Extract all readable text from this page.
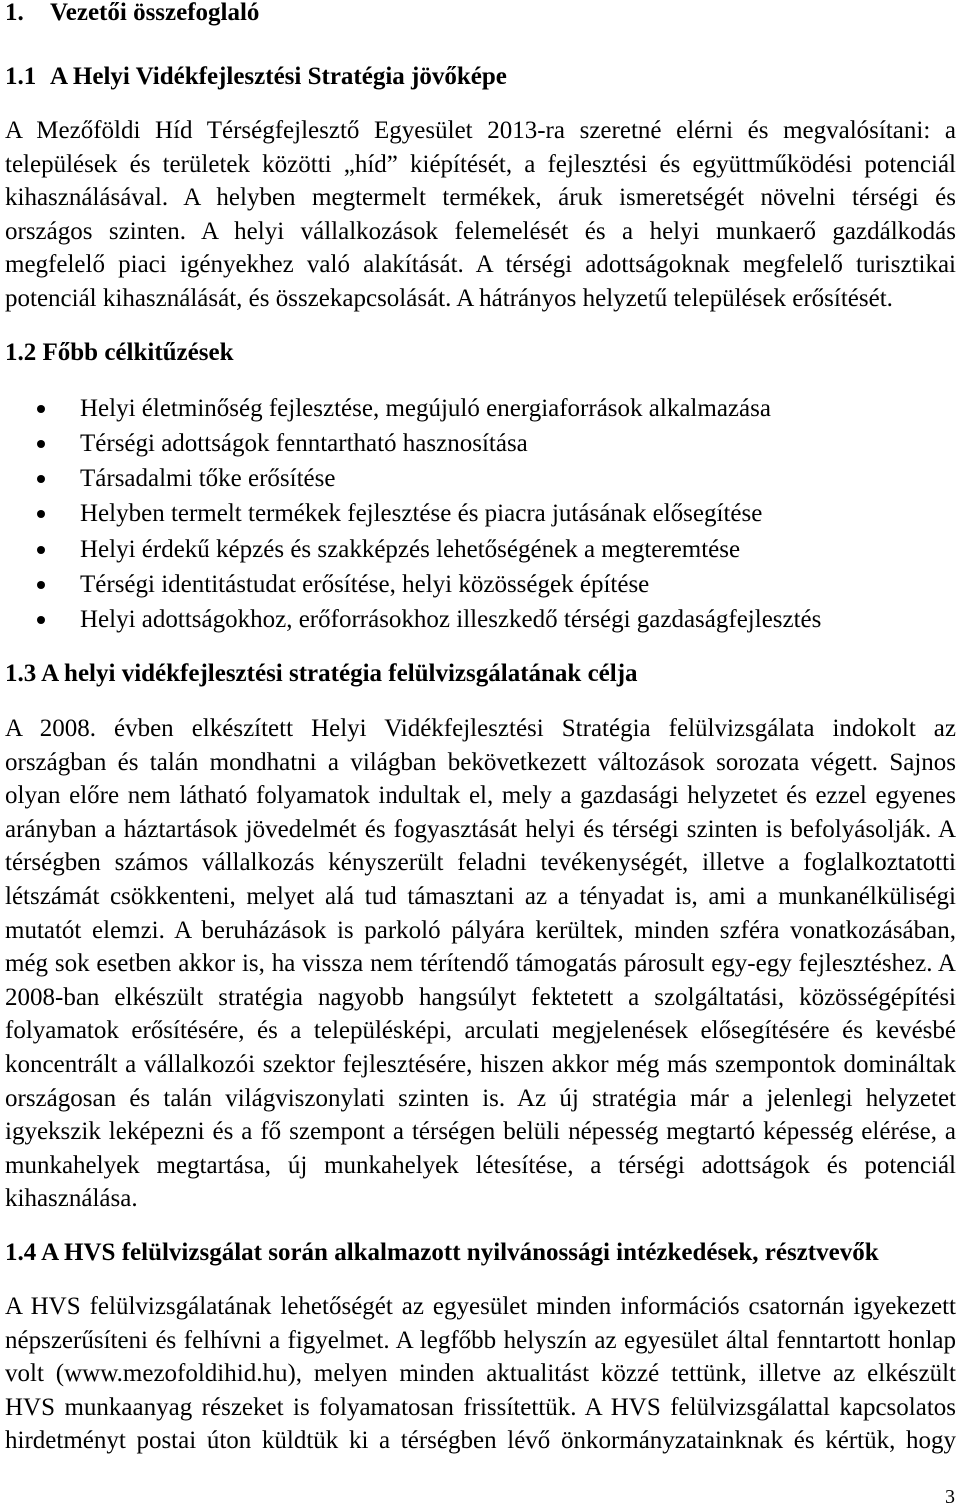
1. Vezetői összefoglaló
1.1 A Helyi Vidékfejlesztési Stratégia jövőképe
A Mezőföldi Híd Térségfejlesztő Egyesület 2013-ra szeretné elérni és megvalósítani: a
települések és területek közötti „híd” kiépítését, a fejlesztési és együttműködési potenciál
kihasználásával. A helyben megtermelt termékek, áruk ismeretségét növelni térségi és
országos szinten. A helyi vállalkozások felemelését és a helyi munkaerő gazdálkodás
megfelelő piaci igényekhez való alakítását. A térségi adottságoknak megfelelő turisztikai
potenciál kihasználását, és összekapcsolását. A hátrányos helyzetű települések erősítését.
1.2 Főbb célkitűzések
Helyi életminőség fejlesztése, megújuló energiaforrások alkalmazása
Térségi adottságok fenntartható hasznosítása
Társadalmi tőke erősítése
Helyben termelt termékek fejlesztése és piacra jutásának elősegítése
Helyi érdekű képzés és szakképzés lehetőségének a megteremtése
Térségi identitástudat erősítése, helyi közösségek építése
Helyi adottságokhoz, erőforrásokhoz illeszkedő térségi gazdaságfejlesztés
1.3 A helyi vidékfejlesztési stratégia felülvizsgálatának célja
A 2008. évben elkészített Helyi Vidékfejlesztési Stratégia felülvizsgálata indokolt az
országban és talán mondhatni a világban bekövetkezett változások sorozata végett. Sajnos
olyan előre nem látható folyamatok indultak el, mely a gazdasági helyzetet és ezzel egyenes
arányban a háztartások jövedelmét és fogyasztását helyi és térségi szinten is befolyásolják. A
térségben számos vállalkozás kényszerült feladni tevékenységét, illetve a foglalkoztatotti
létszámát csökkenteni, melyet alá tud támasztani az a tényadat is, ami a munkanélküliségi
mutatót elemzi. A beruházások is parkoló pályára kerültek, minden szféra vonatkozásában,
még sok esetben akkor is, ha vissza nem térítendő támogatás párosult egy-egy fejlesztéshez. A
2008-ban elkészült stratégia nagyobb hangsúlyt fektetett a szolgáltatási, közösségépítési
folyamatok erősítésére, és a településképi, arculati megjelenések elősegítésére és kevésbé
koncentrált a vállalkozói szektor fejlesztésére, hiszen akkor még más szempontok domináltak
országosan és talán világviszonylati szinten is. Az új stratégia már a jelenlegi helyzetet
igyekszik leképezni és a fő szempont a térségen belüli népesség megtartó képesség elérése, a
munkahelyek megtartása, új munkahelyek létesítése, a térségi adottságok és potenciál
kihasználása.
1.4 A HVS felülvizsgálat során alkalmazott nyilvánossági intézkedések, résztvevők
A HVS felülvizsgálatának lehetőségét az egyesület minden információs csatornán igyekezett
népszerűsíteni és felhívni a figyelmet. A legfőbb helyszín az egyesület által fenntartott honlap
volt (www.mezofoldihid.hu), melyen minden aktualitást közzé tettünk, illetve az elkészült
HVS munkaanyag részeket is folyamatosan frissítettük. A HVS felülvizsgálattal kapcsolatos
hirdetményt postai úton küldtük ki a térségben lévő önkormányzatainknak és kértük, hogy
3
